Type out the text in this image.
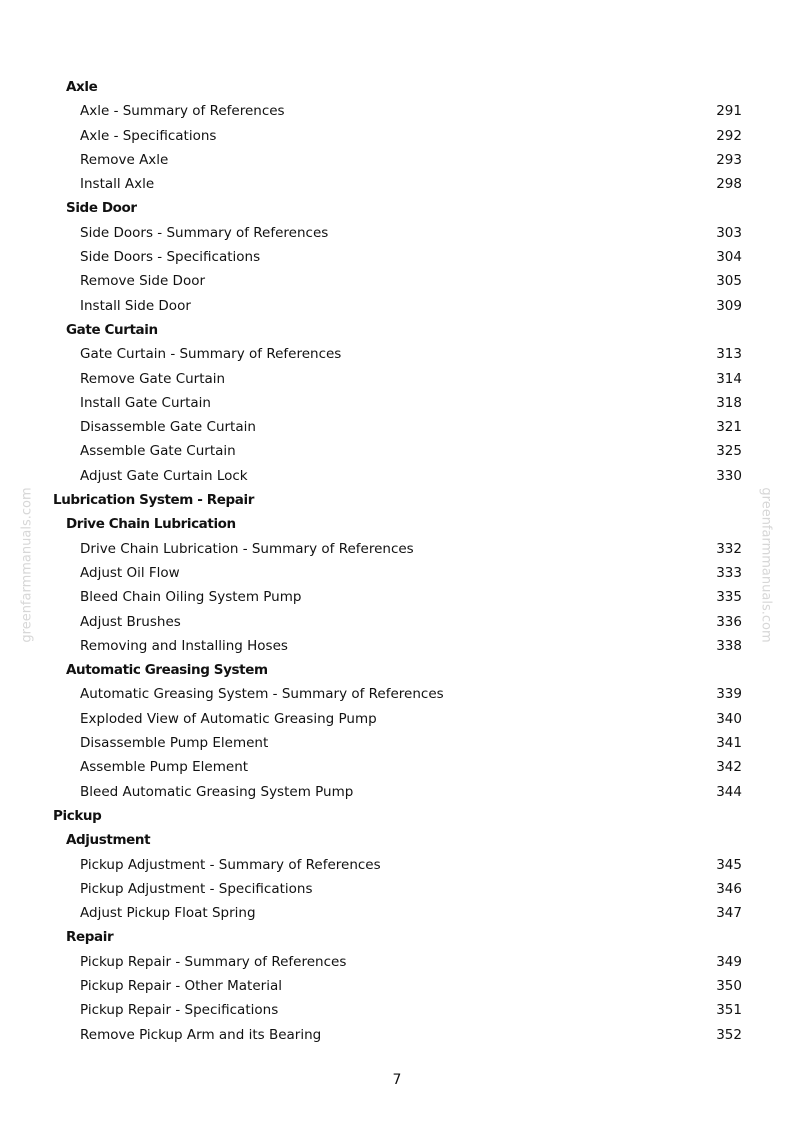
greenfarmmanuals.com	greenfarmmanuals.com
Axle
Axle - Summary of References	291
Axle - Specifications	292
Remove Axle	293
Install Axle	298
Side Door
Side Doors - Summary of References	303
Side Doors - Specifications	304
Remove Side Door	305
Install Side Door	309
Gate Curtain
Gate Curtain - Summary of References	313
Remove Gate Curtain	314
Install Gate Curtain	318
Disassemble Gate Curtain	321
Assemble Gate Curtain	325
Adjust Gate Curtain Lock	330
Lubrication System - Repair
Drive Chain Lubrication
Drive Chain Lubrication - Summary of References	332
Adjust Oil Flow	333
Bleed Chain Oiling System Pump	335
Adjust Brushes	336
Removing and Installing Hoses	338
Automatic Greasing System
Automatic Greasing System - Summary of References	339
Exploded View of Automatic Greasing Pump	340
Disassemble Pump Element	341
Assemble Pump Element	342
Bleed Automatic Greasing System Pump	344
Pickup
Adjustment
Pickup Adjustment - Summary of References	345
Pickup Adjustment - Specifications	346
Adjust Pickup Float Spring	347
Repair
Pickup Repair - Summary of References	349
Pickup Repair - Other Material	350
Pickup Repair - Specifications	351
Remove Pickup Arm and its Bearing	352
7
